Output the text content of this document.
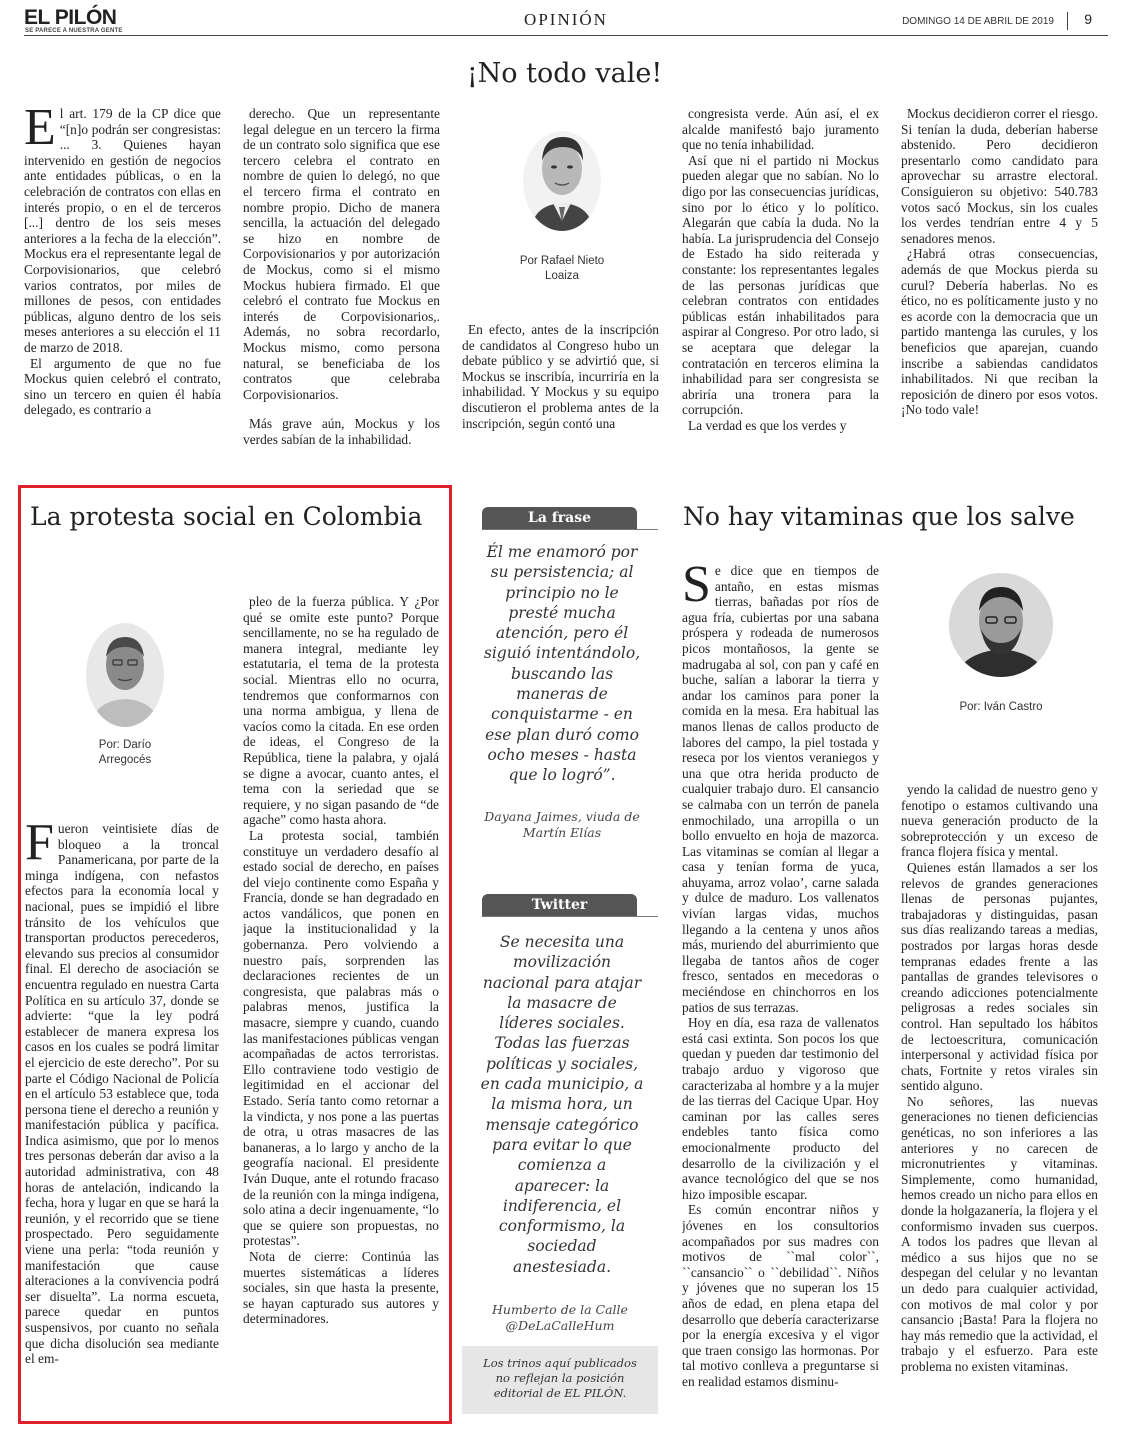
EL PILÓN
SE PARECE A NUESTRA GENTE
OPINIÓN	DOMINGO 14 DE ABRIL DE 2019 9
¡No todo vale!

El art. 179 de la CP dice que “[n]o podrán ser congresistas: ... 3. Quienes hayan intervenido en gestión de negocios ante entidades públicas, o en la celebración de contratos con ellas en interés propio, o en el de terceros [...] dentro de los seis meses anteriores a la fecha de la elección”. Mockus era el representante legal de Corpovisionarios, que celebró varios contratos, por miles de millones de pesos, con entidades públicas, alguno dentro de los seis meses anteriores a su elección el 11 de marzo de 2018.

El argumento de que no fue Mockus quien celebró el contrato, sino un tercero en quien él había delegado, es contrario a

derecho. Que un representante legal delegue en un tercero la firma de un contrato solo significa que ese tercero celebra el contrato en nombre de quien lo delegó, no que el tercero firma el contrato en nombre propio. Dicho de manera sencilla, la actuación del delegado se hizo en nombre de Corpovisionarios y por autorización de Mockus, como si el mismo Mockus hubiera firmado. El que celebró el contrato fue Mockus en interés de Corpovisionarios,. Además, no sobra recordarlo, Mockus mismo, como persona natural, se beneficiaba de los contratos que celebraba Corpovisionarios.

Más grave aún, Mockus y los verdes sabían de la inhabilidad.

Por Rafael Nieto
Loaiza

En efecto, antes de la inscripción de candidatos al Congreso hubo un debate público y se advirtió que, si Mockus se inscribía, incurriría en la inhabilidad. Y Mockus y su equipo discutieron el problema antes de la inscripción, según contó una

congresista verde. Aún así, el ex alcalde manifestó bajo juramento que no tenía inhabilidad.

Así que ni el partido ni Mockus pueden alegar que no sabían. No lo digo por las consecuencias jurídicas, sino por lo ético y lo político. Alegarán que cabía la duda. No la había. La jurisprudencia del Consejo de Estado ha sido reiterada y constante: los representantes legales de las personas jurídicas que celebran contratos con entidades públicas están inhabilitados para aspirar al Congreso. Por otro lado, si se aceptara que delegar la contratación en terceros elimina la inhabilidad para ser congresista se abriría una tronera para la corrupción.

La verdad es que los verdes y

Mockus decidieron correr el riesgo. Si tenían la duda, deberían haberse abstenido. Pero decidieron presentarlo como candidato para aprovechar su arrastre electoral. Consiguieron su objetivo: 540.783 votos sacó Mockus, sin los cuales los verdes tendrían entre 4 y 5 senadores menos.

¿Habrá otras consecuencias, además de que Mockus pierda su curul? Debería haberlas. No es ético, no es políticamente justo y no es acorde con la democracia que un partido mantenga las curules, y los beneficios que aparejan, cuando inscribe a sabiendas candidatos inhabilitados. Ni que reciban la reposición de dinero por esos votos. ¡No todo vale!

La protesta social en Colombia
Por: Darío
Arregocés

Fueron veintisiete días de bloqueo a la troncal Panamericana, por parte de la minga indígena, con nefastos efectos para la economía local y nacional, pues se impidió el libre tránsito de los vehículos que transportan productos perecederos, elevando sus precios al consumidor final. El derecho de asociación se encuentra regulado en nuestra Carta Política en su artículo 37, donde se advierte: “que la ley podrá establecer de manera expresa los casos en los cuales se podrá limitar el ejercicio de este derecho”. Por su parte el Código Nacional de Policía en el artículo 53 establece que, toda persona tiene el derecho a reunión y manifestación pública y pacífica. Indica asimismo, que por lo menos tres personas deberán dar aviso a la autoridad administrativa, con 48 horas de antelación, indicando la fecha, hora y lugar en que se hará la reunión, y el recorrido que se tiene prospectado. Pero seguidamente viene una perla: “toda reunión y manifestación que cause alteraciones a la convivencia podrá ser disuelta”. La norma escueta, parece quedar en puntos suspensivos, por cuanto no señala que dicha disolución sea mediante el em-

pleo de la fuerza pública. Y ¿Por qué se omite este punto? Porque sencillamente, no se ha regulado de manera integral, mediante ley estatutaria, el tema de la protesta social. Mientras ello no ocurra, tendremos que conformarnos con una norma ambigua, y llena de vacíos como la citada. En ese orden de ideas, el Congreso de la República, tiene la palabra, y ojalá se digne a avocar, cuanto antes, el tema con la seriedad que se requiere, y no sigan pasando de “de agache” como hasta ahora.

La protesta social, también constituye un verdadero desafío al estado social de derecho, en países del viejo continente como España y Francia, donde se han degradado en actos vandálicos, que ponen en jaque la institucionalidad y la gobernanza. Pero volviendo a nuestro país, sorprenden las declaraciones recientes de un congresista, que palabras más o palabras menos, justifica la masacre, siempre y cuando, cuando las manifestaciones públicas vengan acompañadas de actos terroristas. Ello contraviene todo vestigio de legitimidad en el accionar del Estado. Sería tanto como retornar a la vindicta, y nos pone a las puertas de otra, u otras masacres de las bananeras, a lo largo y ancho de la geografía nacional. El presidente Iván Duque, ante el rotundo fracaso de la reunión con la minga indígena, solo atina a decir ingenuamente, “lo que se quiere son propuestas, no protestas”.

Nota de cierre: Continúa las muertes sistemáticas a líderes sociales, sin que hasta la presente, se hayan capturado sus autores y determinadores.

La frase
Él me enamoró por su persistencia; al principio no le presté mucha atención, pero él siguió intentándolo, buscando las maneras de conquistarme - en ese plan duró como ocho meses - hasta que lo logró”.
Dayana Jaimes, viuda de Martín Elías
Twitter
Se necesita una movilización nacional para atajar la masacre de líderes sociales. Todas las fuerzas políticas y sociales, en cada municipio, a la misma hora, un mensaje categórico para evitar lo que comienza a aparecer: la indiferencia, el conformismo, la sociedad anestesiada.
Humberto de la Calle @DeLaCalleHum
Los trinos aquí publicados no reflejan la posición editorial de EL PILÓN.
No hay vitaminas que los salve

Se dice que en tiempos de antaño, en estas mismas tierras, bañadas por ríos de agua fría, cubiertas por una sabana próspera y rodeada de numerosos picos montañosos, la gente se madrugaba al sol, con pan y café en buche, salían a laborar la tierra y andar los caminos para poner la comida en la mesa. Era habitual las manos llenas de callos producto de labores del campo, la piel tostada y reseca por los vientos veraniegos y una que otra herida producto de cualquier trabajo duro. El cansancio se calmaba con un terrón de panela enmochilado, una arropilla o un bollo envuelto en hoja de mazorca. Las vitaminas se comían al llegar a casa y tenían forma de yuca, ahuyama, arroz volao’, carne salada y dulce de maduro. Los vallenatos vivían largas vidas, muchos llegando a la centena y unos años más, muriendo del aburrimiento que llegaba de tantos años de coger fresco, sentados en mecedoras o meciéndose en chinchorros en los patios de sus terrazas.

Hoy en día, esa raza de vallenatos está casi extinta. Son pocos los que quedan y pueden dar testimonio del trabajo arduo y vigoroso que caracterizaba al hombre y a la mujer de las tierras del Cacique Upar. Hoy caminan por las calles seres endebles tanto física como emocionalmente producto del desarrollo de la civilización y el avance tecnológico del que se nos hizo imposible escapar.

Es común encontrar niños y jóvenes en los consultorios acompañados por sus madres con motivos de ``mal color``, ``cansancio`` o ``debilidad``. Niños y jóvenes que no superan los 15 años de edad, en plena etapa del desarrollo que debería caracterizarse por la energía excesiva y el vigor que traen consigo las hormonas. Por tal motivo conlleva a preguntarse si en realidad estamos disminu-

Por: Iván Castro

yendo la calidad de nuestro geno y fenotipo o estamos cultivando una nueva generación producto de la sobreprotección y un exceso de franca flojera física y mental.

Quienes están llamados a ser los relevos de grandes generaciones llenas de personas pujantes, trabajadoras y distinguidas, pasan sus días realizando tareas a medias, postrados por largas horas desde tempranas edades frente a las pantallas de grandes televisores o creando adicciones potencialmente peligrosas a redes sociales sin control. Han sepultado los hábitos de lectoescritura, comunicación interpersonal y actividad física por chats, Fortnite y retos virales sin sentido alguno.

No señores, las nuevas generaciones no tienen deficiencias genéticas, no son inferiores a las anteriores y no carecen de micronutrientes y vitaminas. Simplemente, como humanidad, hemos creado un nicho para ellos en donde la holgazanería, la flojera y el conformismo invaden sus cuerpos. A todos los padres que llevan al médico a sus hijos que no se despegan del celular y no levantan un dedo para cualquier actividad, con motivos de mal color y por cansancio ¡Basta! Para la flojera no hay más remedio que la actividad, el trabajo y el esfuerzo. Para este problema no existen vitaminas.
